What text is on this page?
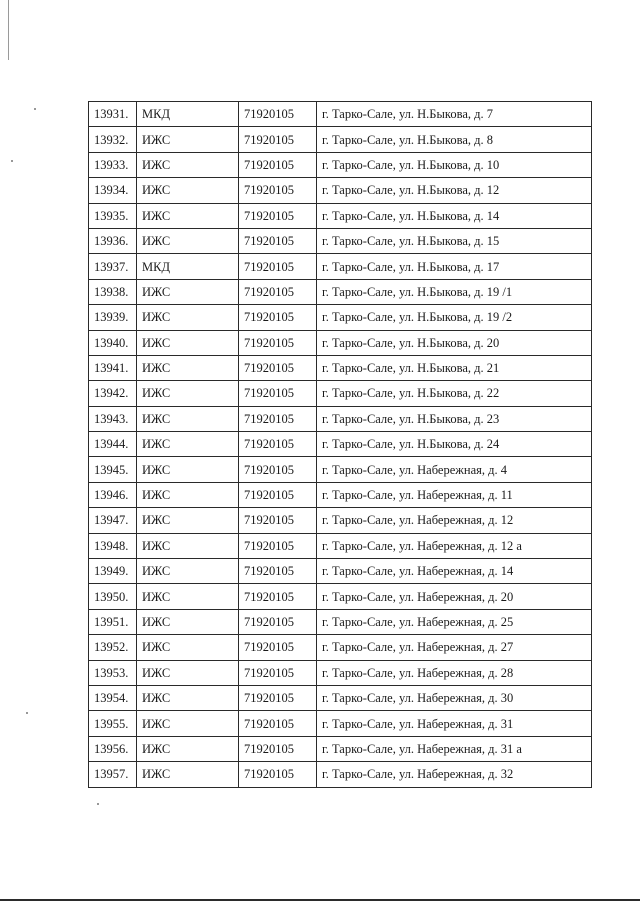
13931.	МКД	71920105	г. Тарко-Сале, ул. Н.Быкова, д. 7
13932.	ИЖС	71920105	г. Тарко-Сале, ул. Н.Быкова, д. 8
13933.	ИЖС	71920105	г. Тарко-Сале, ул. Н.Быкова, д. 10
13934.	ИЖС	71920105	г. Тарко-Сале, ул. Н.Быкова, д. 12
13935.	ИЖС	71920105	г. Тарко-Сале, ул. Н.Быкова, д. 14
13936.	ИЖС	71920105	г. Тарко-Сале, ул. Н.Быкова, д. 15
13937.	МКД	71920105	г. Тарко-Сале, ул. Н.Быкова, д. 17
13938.	ИЖС	71920105	г. Тарко-Сале, ул. Н.Быкова, д. 19 /1
13939.	ИЖС	71920105	г. Тарко-Сале, ул. Н.Быкова, д. 19 /2
13940.	ИЖС	71920105	г. Тарко-Сале, ул. Н.Быкова, д. 20
13941.	ИЖС	71920105	г. Тарко-Сале, ул. Н.Быкова, д. 21
13942.	ИЖС	71920105	г. Тарко-Сале, ул. Н.Быкова, д. 22
13943.	ИЖС	71920105	г. Тарко-Сале, ул. Н.Быкова, д. 23
13944.	ИЖС	71920105	г. Тарко-Сале, ул. Н.Быкова, д. 24
13945.	ИЖС	71920105	г. Тарко-Сале, ул. Набережная, д. 4
13946.	ИЖС	71920105	г. Тарко-Сале, ул. Набережная, д. 11
13947.	ИЖС	71920105	г. Тарко-Сале, ул. Набережная, д. 12
13948.	ИЖС	71920105	г. Тарко-Сале, ул. Набережная, д. 12 а
13949.	ИЖС	71920105	г. Тарко-Сале, ул. Набережная, д. 14
13950.	ИЖС	71920105	г. Тарко-Сале, ул. Набережная, д. 20
13951.	ИЖС	71920105	г. Тарко-Сале, ул. Набережная, д. 25
13952.	ИЖС	71920105	г. Тарко-Сале, ул. Набережная, д. 27
13953.	ИЖС	71920105	г. Тарко-Сале, ул. Набережная, д. 28
13954.	ИЖС	71920105	г. Тарко-Сале, ул. Набережная, д. 30
13955.	ИЖС	71920105	г. Тарко-Сале, ул. Набережная, д. 31
13956.	ИЖС	71920105	г. Тарко-Сале, ул. Набережная, д. 31 а
13957.	ИЖС	71920105	г. Тарко-Сале, ул. Набережная, д. 32
